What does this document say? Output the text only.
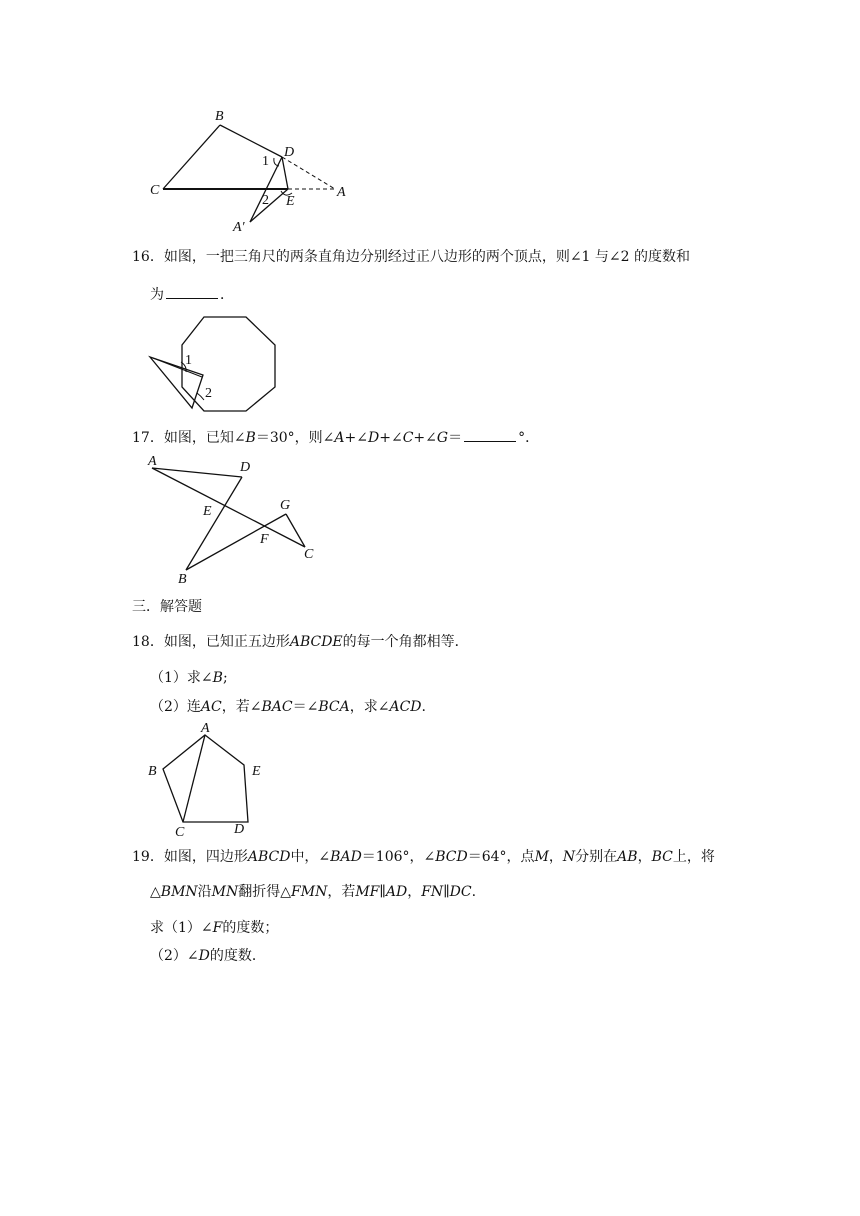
B
D
1
C	A
2 E
A′
16．如图，一把三角尺的两条直角边分别经过正八边形的两个顶点，则∠1 与∠2 的度数和
为	．
1
2
17．如图，已知∠B＝30°，则∠A+∠D+∠C+∠G＝	°．
A	D
E	G
F
C
B
三．解答题
18．如图，已知正五边形ABCDE的每一个角都相等．
（1）求∠B;
（2）连AC，若∠BAC＝∠BCA，求∠ACD.
A
B	E
C	D
19．如图，四边形ABCD中，∠BAD＝106°，∠BCD＝64°，点M，N分别在AB，BC上，将
△BMN沿MN翻折得△FMN，若MF∥AD，FN∥DC.
求（1）∠F的度数；
（2）∠D的度数．
